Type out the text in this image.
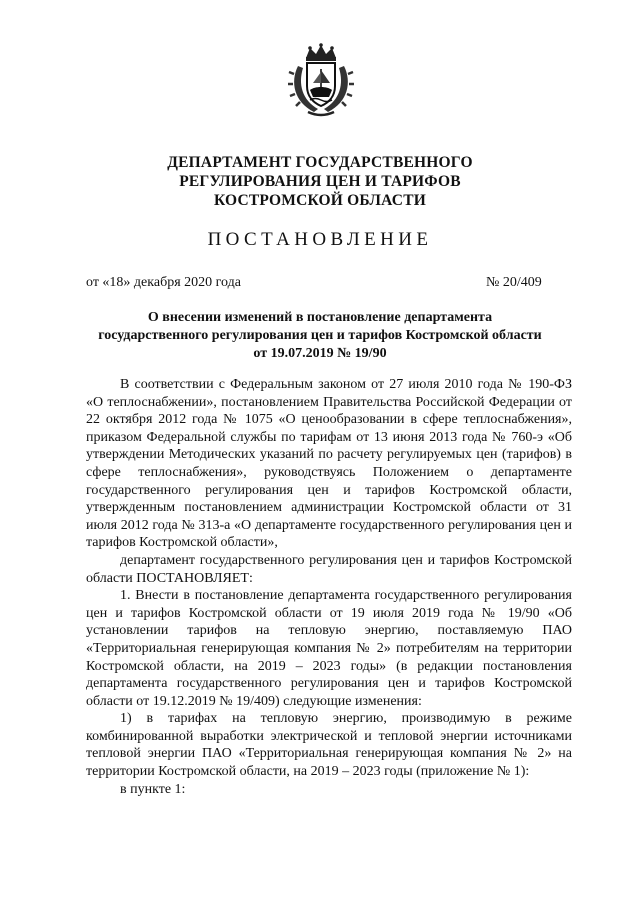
ДЕПАРТАМЕНТ ГОСУДАРСТВЕННОГО
РЕГУЛИРОВАНИЯ ЦЕН И ТАРИФОВ
КОСТРОМСКОЙ ОБЛАСТИ
ПОСТАНОВЛЕНИЕ
от «18» декабря 2020 года	№ 20/409
О внесении изменений в постановление департамента
государственного регулирования цен и тарифов Костромской области
от 19.07.2019 № 19/90

В соответствии с Федеральным законом от 27 июля 2010 года № 190-ФЗ «О теплоснабжении», постановлением Правительства Российской Федерации от 22 октября 2012 года № 1075 «О ценообразовании в сфере теплоснабжения», приказом Федеральной службы по тарифам от 13 июня 2013 года № 760-э «Об утверждении Методических указаний по расчету регулируемых цен (тарифов) в сфере теплоснабжения», руководствуясь Положением о департаменте государственного регулирования цен и тарифов Костромской области, утвержденным постановлением администрации Костромской области от 31 июля 2012 года № 313-а «О департаменте государственного регулирования цен и тарифов Костромской области»,

департамент государственного регулирования цен и тарифов Костромской области ПОСТАНОВЛЯЕТ:

1. Внести в постановление департамента государственного регулирования цен и тарифов Костромской области от 19 июля 2019 года № 19/90 «Об установлении тарифов на тепловую энергию, поставляемую ПАО «Территориальная генерирующая компания № 2» потребителям на территории Костромской области, на 2019 – 2023 годы» (в редакции постановления департамента государственного регулирования цен и тарифов Костромской области от 19.12.2019 № 19/409) следующие изменения:

1) в тарифах на тепловую энергию, производимую в режиме комбинированной выработки электрической и тепловой энергии источниками тепловой энергии ПАО «Территориальная генерирующая компания № 2» на территории Костромской области, на 2019 – 2023 годы (приложение № 1):

в пункте 1:
